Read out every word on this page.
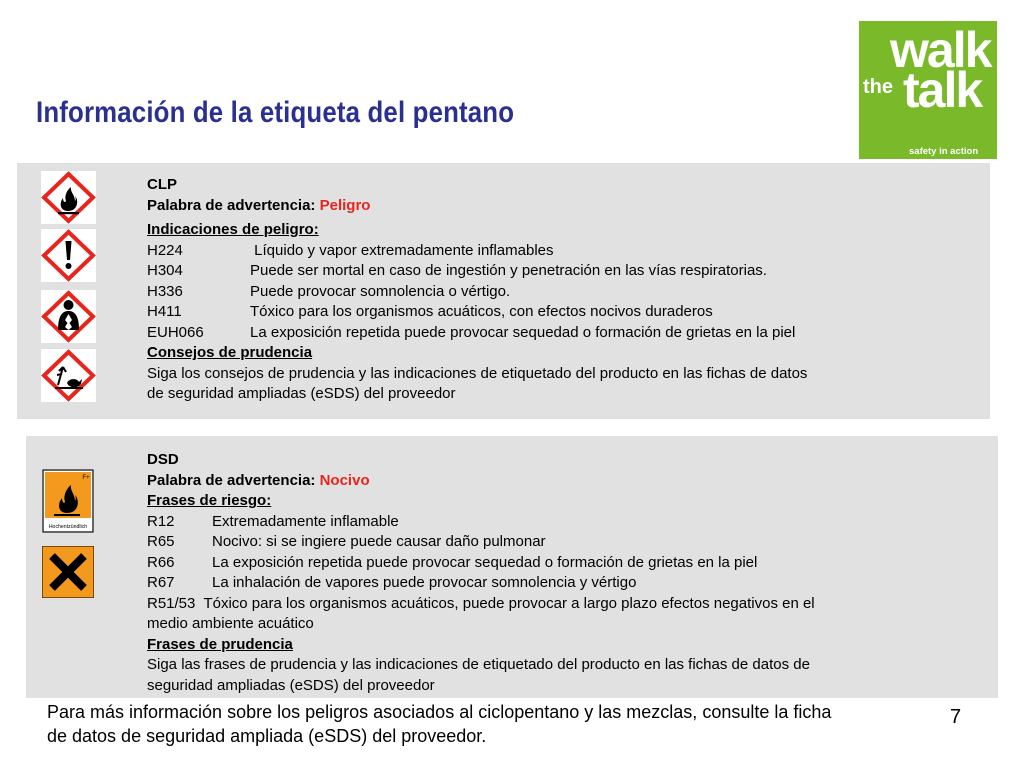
Información de la etiqueta del pentano
walk
the talk
safety in action
CLP
Palabra de advertencia: Peligro
Indicaciones de peligro:
H224	Líquido y vapor extremadamente inflamables
H304	Puede ser mortal en caso de ingestión y penetración en las vías respiratorias.
H336	Puede provocar somnolencia o vértigo.
H411	Tóxico para los organismos acuáticos, con efectos nocivos duraderos
EUH066	La exposición repetida puede provocar sequedad o formación de grietas en la piel
Consejos de prudencia
Siga los consejos de prudencia y las indicaciones de etiquetado del producto en las fichas de datos
de seguridad ampliadas (eSDS) del proveedor
F+
Hochentzündlich
DSD
Palabra de advertencia: Nocivo
Frases de riesgo:
R12 Extremadamente inflamable
R65 Nocivo: si se ingiere puede causar daño pulmonar
R66 La exposición repetida puede provocar sequedad o formación de grietas en la piel
R67 La inhalación de vapores puede provocar somnolencia y vértigo
R51/53 Tóxico para los organismos acuáticos, puede provocar a largo plazo efectos negativos en el
medio ambiente acuático
Frases de prudencia
Siga las frases de prudencia y las indicaciones de etiquetado del producto en las fichas de datos de
seguridad ampliadas (eSDS) del proveedor
Para más información sobre los peligros asociados al ciclopentano y las mezclas, consulte la ficha
de datos de seguridad ampliada (eSDS) del proveedor.
7
